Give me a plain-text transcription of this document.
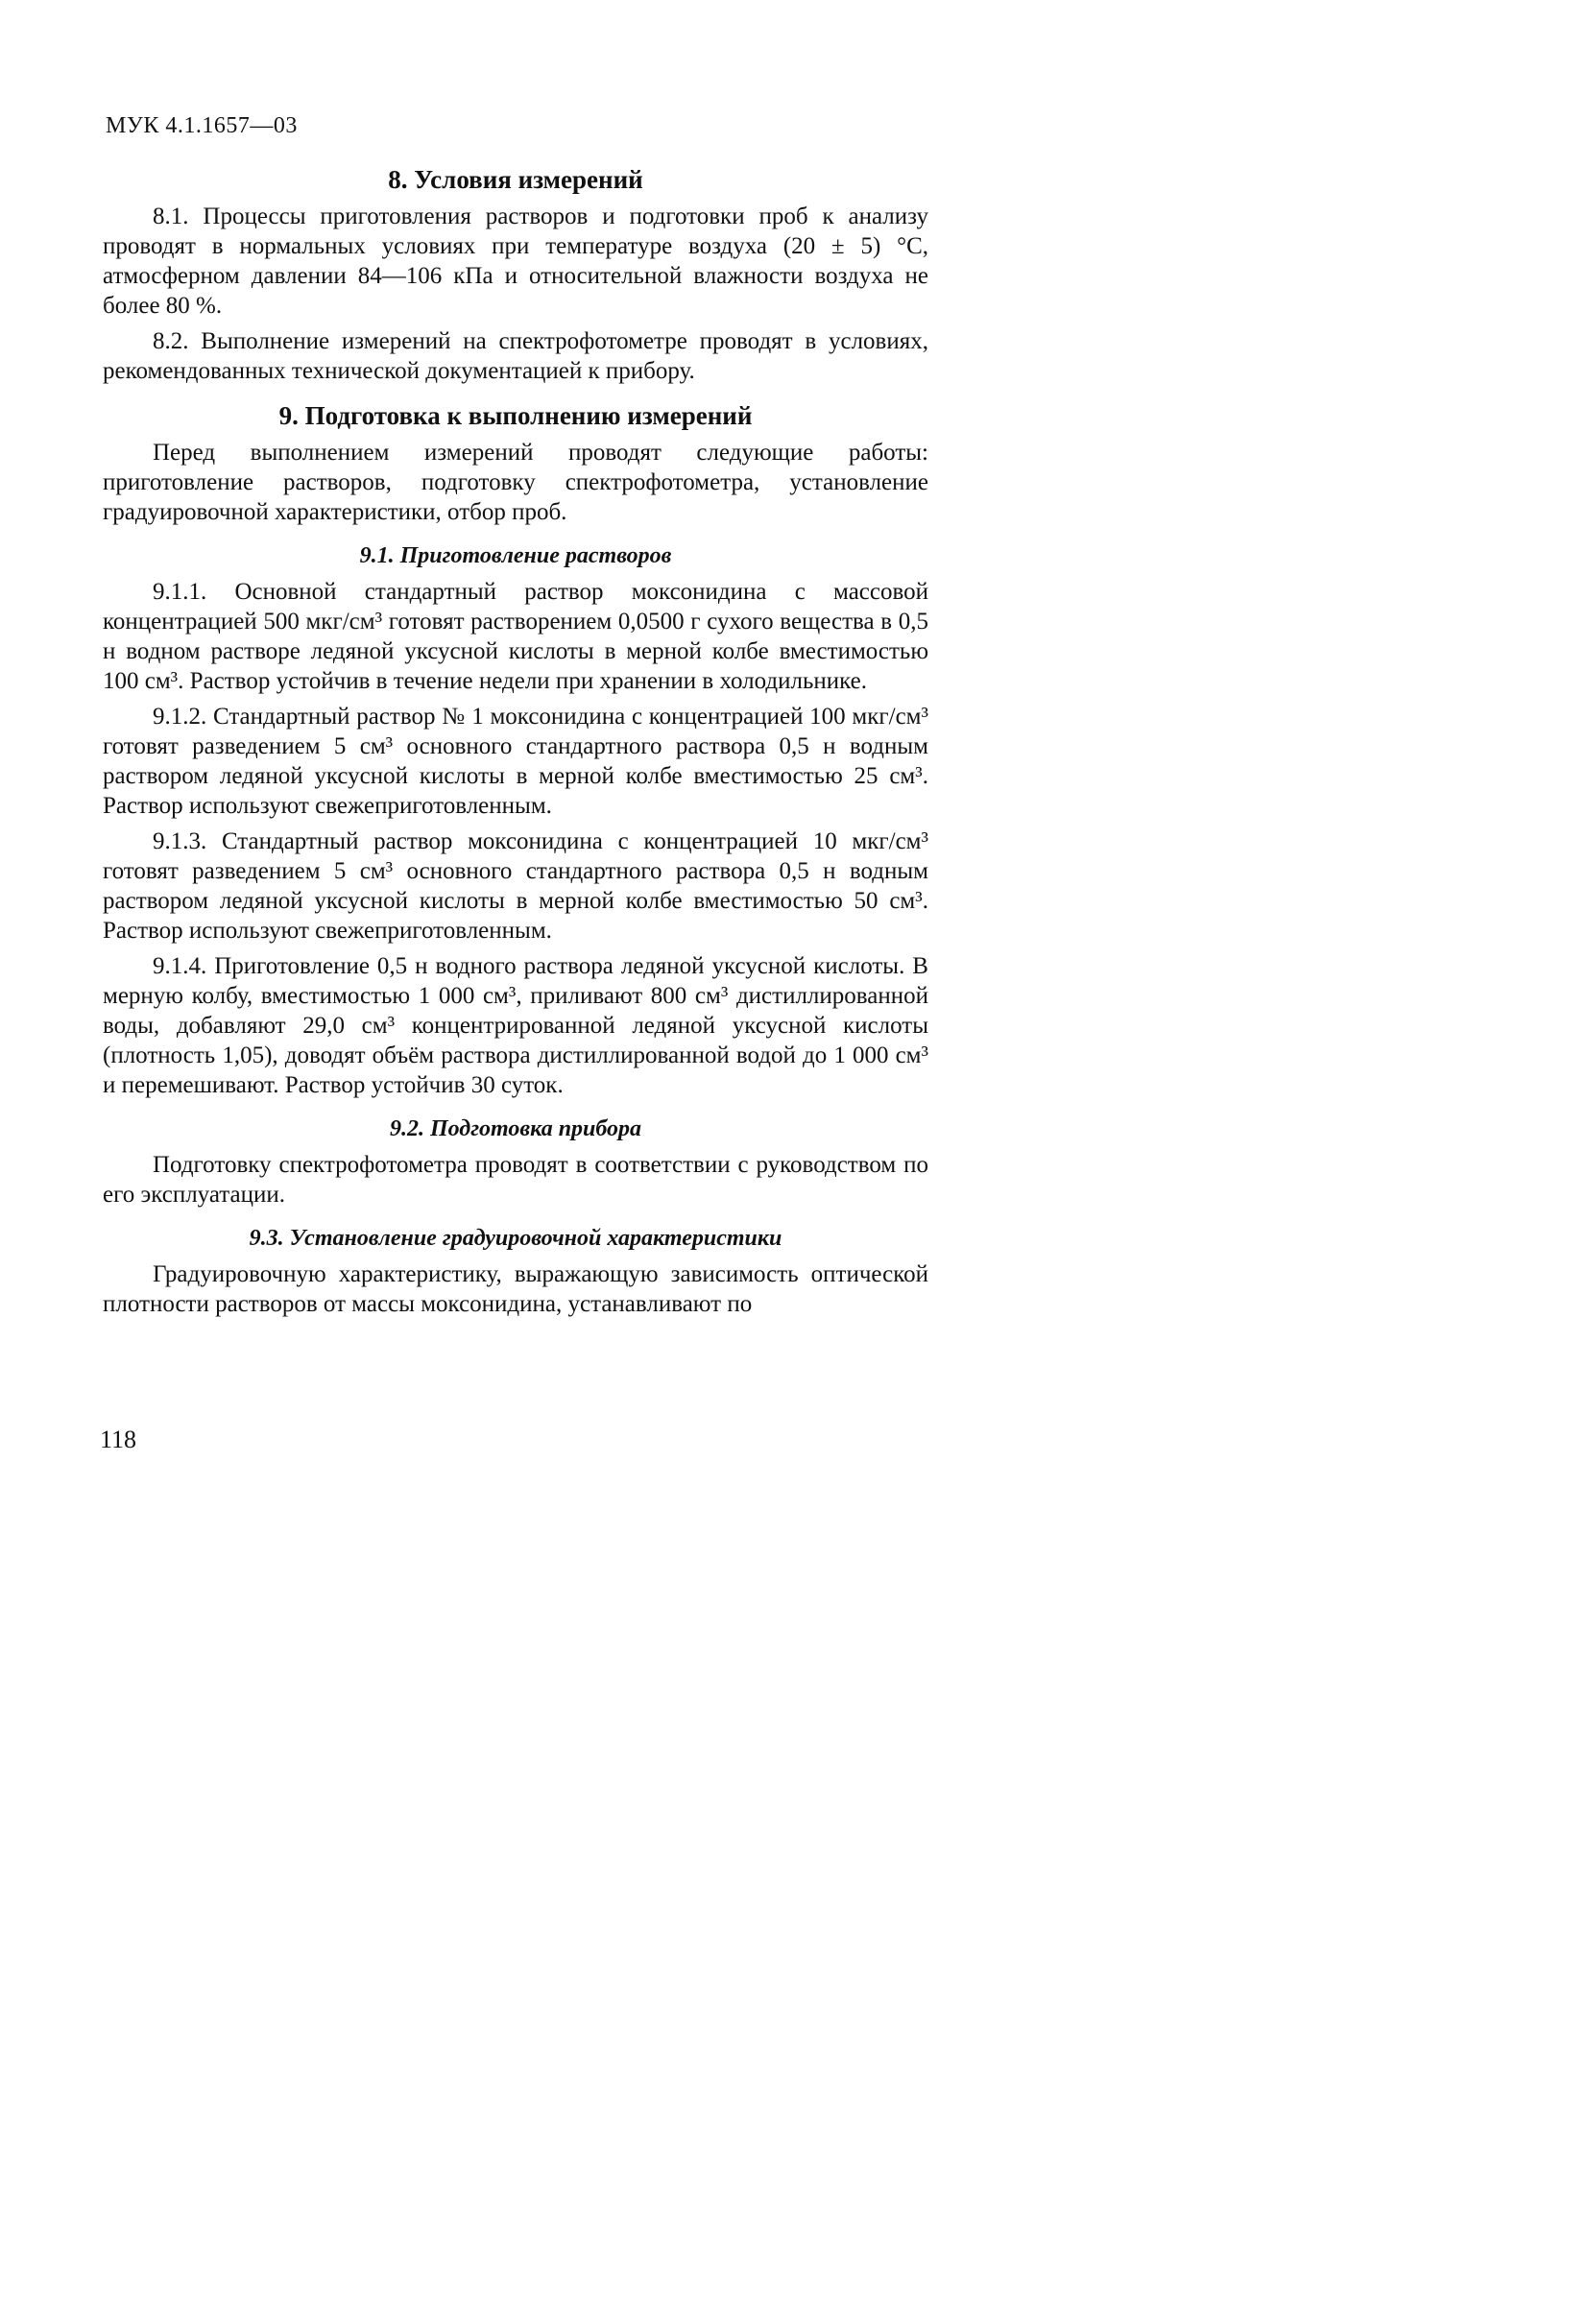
МУК 4.1.1657—03
8. Условия измерений

8.1. Процессы приготовления растворов и подготовки проб к анализу проводят в нормальных условиях при температуре воздуха (20 ± 5) °С, атмосферном давлении 84—106 кПа и относительной влажности воздуха не более 80 %.

8.2. Выполнение измерений на спектрофотометре проводят в условиях, рекомендованных технической документацией к прибору.

9. Подготовка к выполнению измерений

Перед выполнением измерений проводят следующие работы: приготовление растворов, подготовку спектрофотометра, установление градуировочной характеристики, отбор проб.

9.1. Приготовление растворов

9.1.1. Основной стандартный раствор моксонидина с массовой концентрацией 500 мкг/см³ готовят растворением 0,0500 г сухого вещества в 0,5 н водном растворе ледяной уксусной кислоты в мерной колбе вместимостью 100 см³. Раствор устойчив в течение недели при хранении в холодильнике.

9.1.2. Стандартный раствор № 1 моксонидина с концентрацией 100 мкг/см³ готовят разведением 5 см³ основного стандартного раствора 0,5 н водным раствором ледяной уксусной кислоты в мерной колбе вместимостью 25 см³. Раствор используют свежеприготовленным.

9.1.3. Стандартный раствор моксонидина с концентрацией 10 мкг/см³ готовят разведением 5 см³ основного стандартного раствора 0,5 н водным раствором ледяной уксусной кислоты в мерной колбе вместимостью 50 см³. Раствор используют свежеприготовленным.

9.1.4. Приготовление 0,5 н водного раствора ледяной уксусной кислоты. В мерную колбу, вместимостью 1 000 см³, приливают 800 см³ дистиллированной воды, добавляют 29,0 см³ концентрированной ледяной уксусной кислоты (плотность 1,05), доводят объём раствора дистиллированной водой до 1 000 см³ и перемешивают. Раствор устойчив 30 суток.

9.2. Подготовка прибора

Подготовку спектрофотометра проводят в соответствии с руководством по его эксплуатации.

9.3. Установление градуировочной характеристики

Градуировочную характеристику, выражающую зависимость оптической плотности растворов от массы моксонидина, устанавливают по

118
